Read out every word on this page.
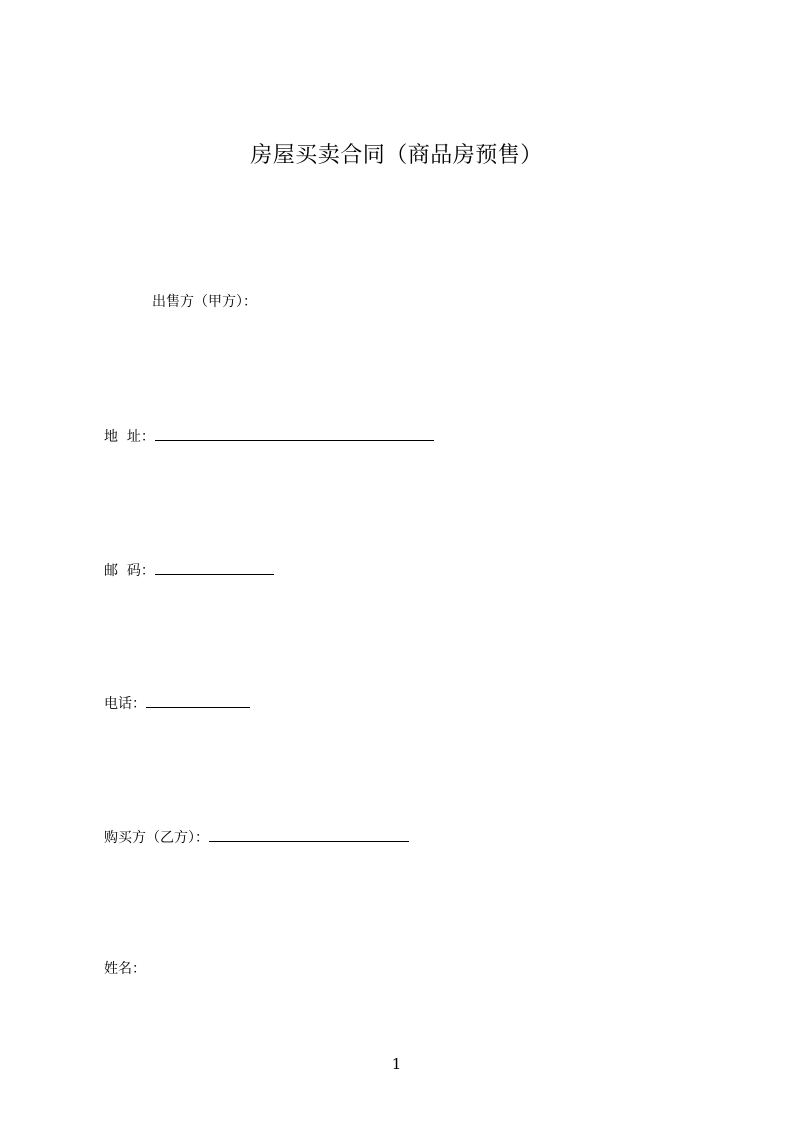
房屋买卖合同（商品房预售）
出售方（甲方）：
地  址：
邮  码：
电话：
购买方（乙方）：
姓名：
1
